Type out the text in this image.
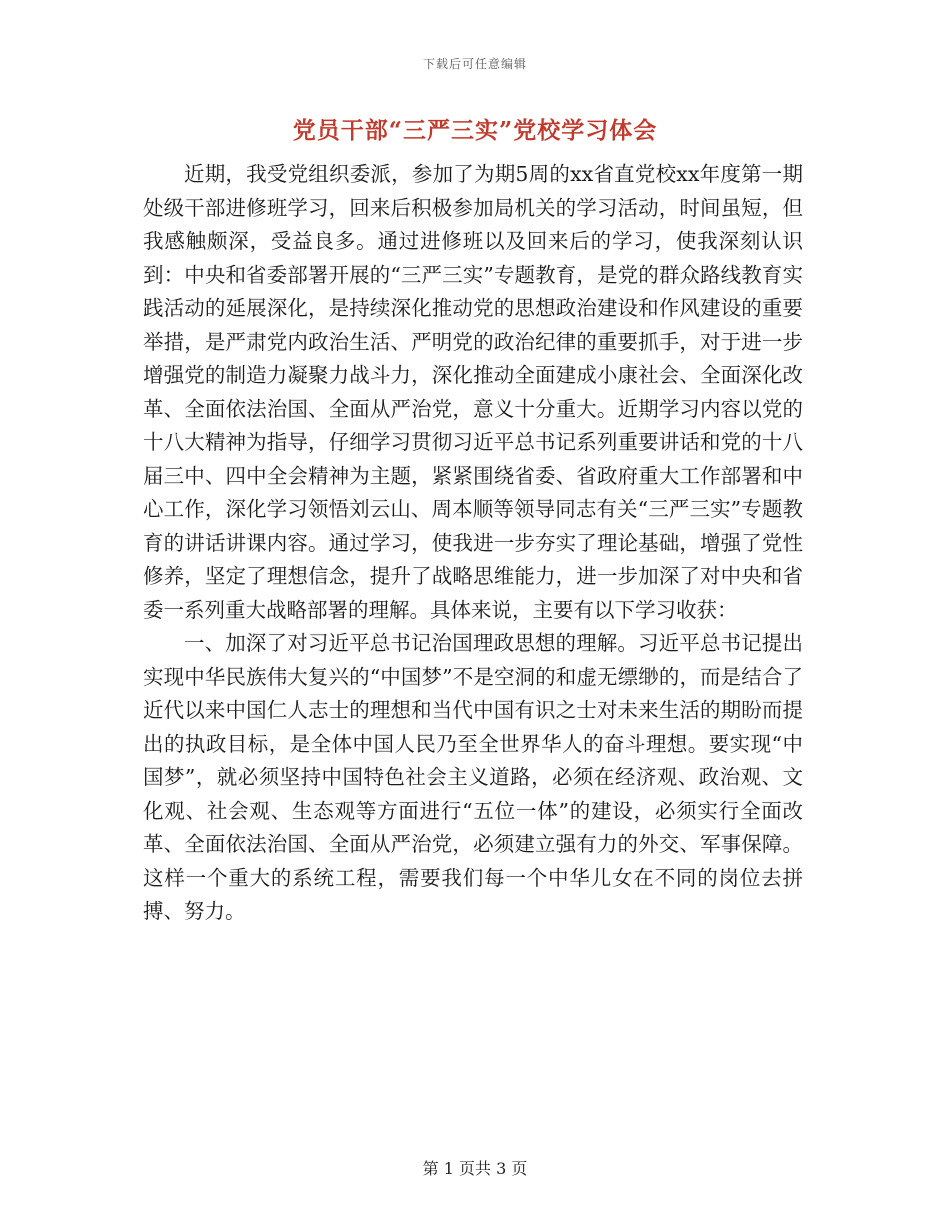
下载后可任意编辑
党员干部“三严三实”党校学习体会

近期，我受党组织委派，参加了为期5周的xx省直党校xx年度第一期处级干部进修班学习，回来后积极参加局机关的学习活动，时间虽短，但我感触颇深，受益良多。通过进修班以及回来后的学习，使我深刻认识到：中央和省委部署开展的“三严三实”专题教育，是党的群众路线教育实践活动的延展深化，是持续深化推动党的思想政治建设和作风建设的重要举措，是严肃党内政治生活、严明党的政治纪律的重要抓手，对于进一步增强党的制造力凝聚力战斗力，深化推动全面建成小康社会、全面深化改革、全面依法治国、全面从严治党，意义十分重大。近期学习内容以党的十八大精神为指导，仔细学习贯彻习近平总书记系列重要讲话和党的十八届三中、四中全会精神为主题，紧紧围绕省委、省政府重大工作部署和中心工作，深化学习领悟刘云山、周本顺等领导同志有关“三严三实”专题教育的讲话讲课内容。通过学习，使我进一步夯实了理论基础，增强了党性修养，坚定了理想信念，提升了战略思维能力，进一步加深了对中央和省委一系列重大战略部署的理解。具体来说，主要有以下学习收获：

一、加深了对习近平总书记治国理政思想的理解。习近平总书记提出实现中华民族伟大复兴的“中国梦”不是空洞的和虚无缥缈的，而是结合了近代以来中国仁人志士的理想和当代中国有识之士对未来生活的期盼而提出的执政目标，是全体中国人民乃至全世界华人的奋斗理想。要实现“中国梦”，就必须坚持中国特色社会主义道路，必须在经济观、政治观、文化观、社会观、生态观等方面进行“五位一体”的建设，必须实行全面改革、全面依法治国、全面从严治党，必须建立强有力的外交、军事保障。这样一个重大的系统工程，需要我们每一个中华儿女在不同的岗位去拼搏、努力。

第 1 页共 3 页
